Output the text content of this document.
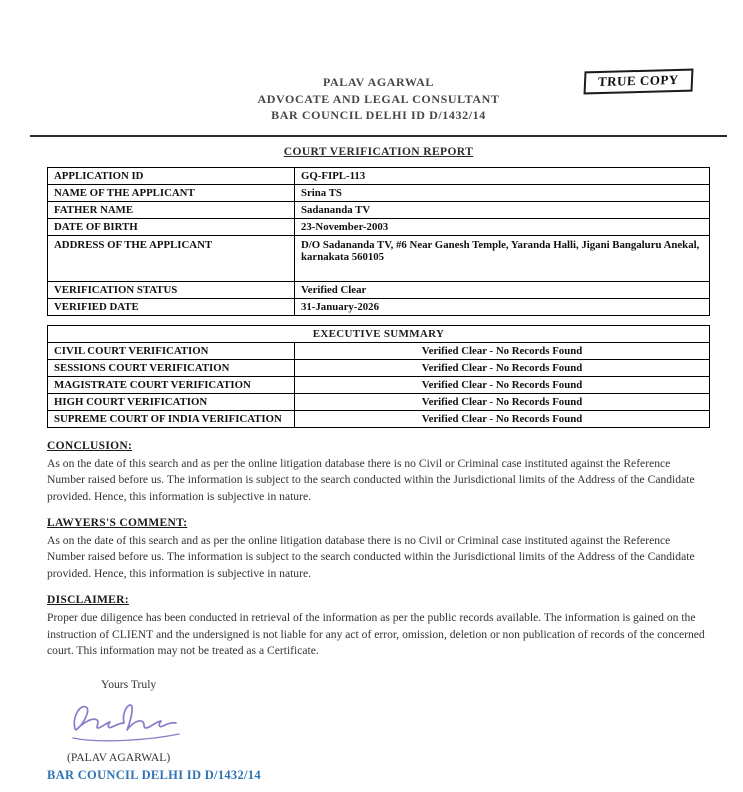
TRUE COPY
PALAV AGARWAL
ADVOCATE AND LEGAL CONSULTANT
BAR COUNCIL DELHI ID D/1432/14
COURT VERIFICATION REPORT
APPLICATION ID	GQ-FIPL-113
NAME OF THE APPLICANT	Srina TS
FATHER NAME	Sadananda TV
DATE OF BIRTH	23-November-2003
ADDRESS OF THE APPLICANT	D/O Sadananda TV, #6 Near Ganesh Temple, Yaranda Halli, Jigani Bangaluru Anekal, karnakata 560105
VERIFICATION STATUS	Verified Clear
VERIFIED DATE	31-January-2026
EXECUTIVE SUMMARY	
CIVIL COURT VERIFICATION	Verified Clear - No Records Found
SESSIONS COURT VERIFICATION	Verified Clear - No Records Found
MAGISTRATE COURT VERIFICATION	Verified Clear - No Records Found
HIGH COURT VERIFICATION	Verified Clear - No Records Found
SUPREME COURT OF INDIA VERIFICATION	Verified Clear - No Records Found
CONCLUSION:
As on the date of this search and as per the online litigation database there is no Civil or Criminal case instituted against the Reference Number raised before us. The information is subject to the search conducted within the Jurisdictional limits of the Address of the Candidate provided. Hence, this information is subjective in nature.
LAWYERS'S COMMENT:
As on the date of this search and as per the online litigation database there is no Civil or Criminal case instituted against the Reference Number raised before us. The information is subject to the search conducted within the Jurisdictional limits of the Address of the Candidate provided. Hence, this information is subjective in nature.
DISCLAIMER:
Proper due diligence has been conducted in retrieval of the information as per the public records available. The information is gained on the instruction of CLIENT and the undersigned is not liable for any act of error, omission, deletion or non publication of records of the concerned court. This information may not be treated as a Certificate.
Yours Truly
(PALAV AGARWAL)
BAR COUNCIL DELHI ID D/1432/14
